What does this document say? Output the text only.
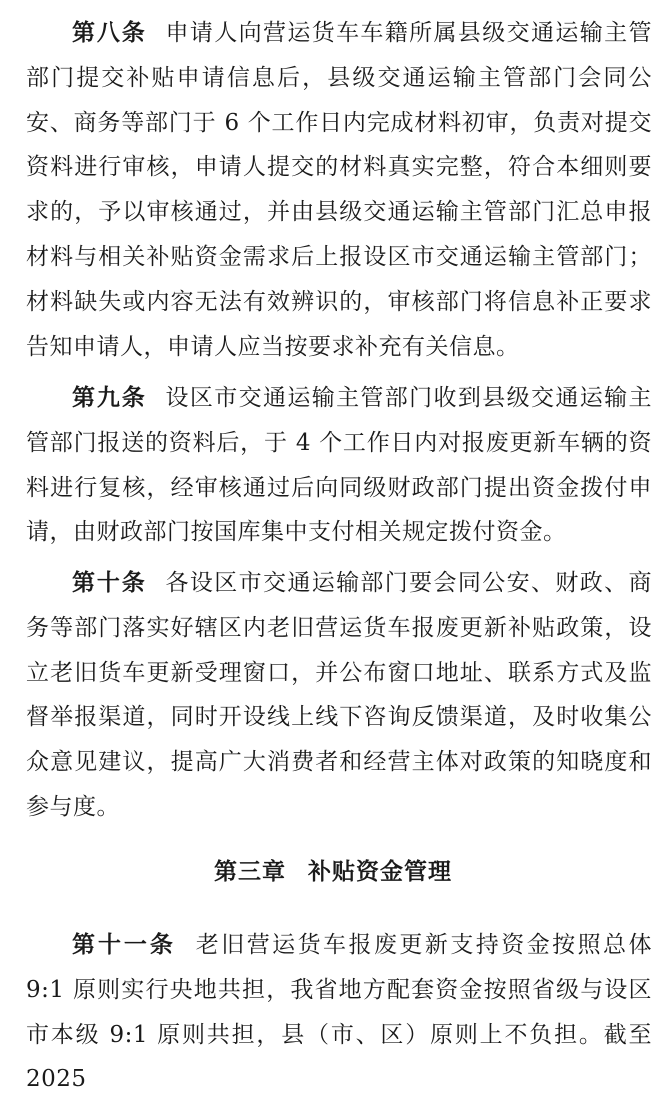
第八条 申请人向营运货车车籍所属县级交通运输主管部门提交补贴申请信息后，县级交通运输主管部门会同公安、商务等部门于 6 个工作日内完成材料初审，负责对提交资料进行审核，申请人提交的材料真实完整，符合本细则要求的，予以审核通过，并由县级交通运输主管部门汇总申报材料与相关补贴资金需求后上报设区市交通运输主管部门；材料缺失或内容无法有效辨识的，审核部门将信息补正要求告知申请人，申请人应当按要求补充有关信息。

第九条 设区市交通运输主管部门收到县级交通运输主管部门报送的资料后，于 4 个工作日内对报废更新车辆的资料进行复核，经审核通过后向同级财政部门提出资金拨付申请，由财政部门按国库集中支付相关规定拨付资金。

第十条 各设区市交通运输部门要会同公安、财政、商务等部门落实好辖区内老旧营运货车报废更新补贴政策，设立老旧货车更新受理窗口，并公布窗口地址、联系方式及监督举报渠道，同时开设线上线下咨询反馈渠道，及时收集公众意见建议，提高广大消费者和经营主体对政策的知晓度和参与度。

第三章 补贴资金管理

第十一条 老旧营运货车报废更新支持资金按照总体 9:1 原则实行央地共担，我省地方配套资金按照省级与设区市本级 9:1 原则共担，县（市、区）原则上不负担。截至 2025
